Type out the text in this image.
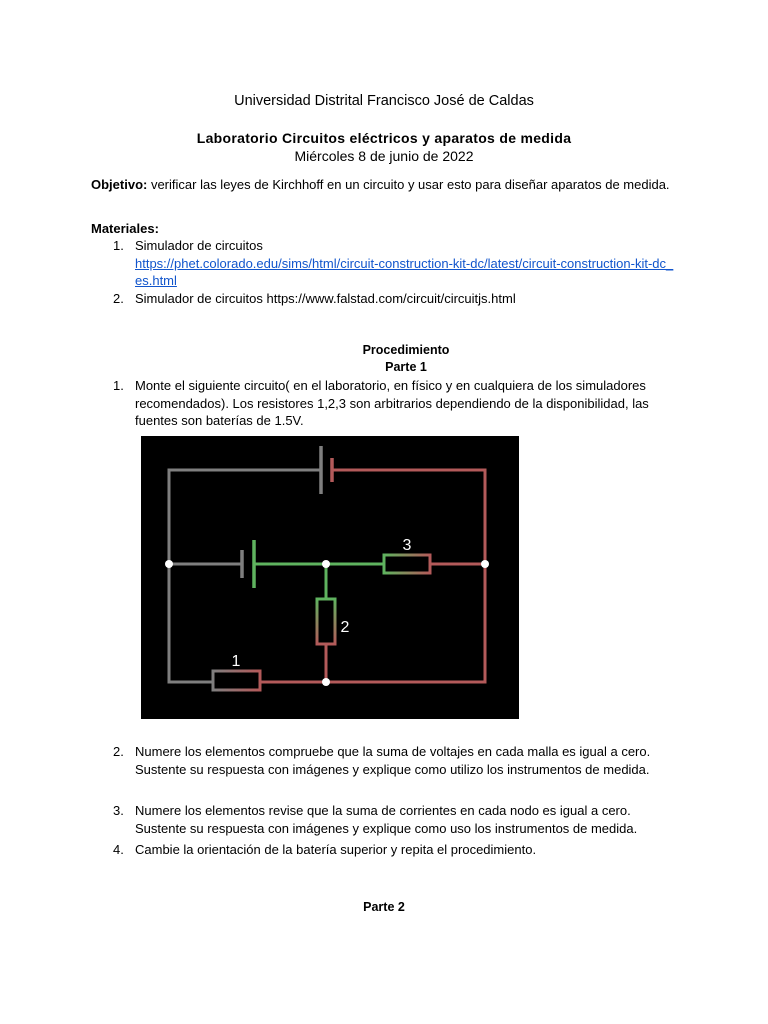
Universidad Distrital Francisco José de Caldas
Laboratorio Circuitos eléctricos y aparatos de medida
Miércoles 8 de junio de 2022
Objetivo: verificar las leyes de Kirchhoff en un circuito y usar esto para diseñar aparatos de medida.
Materiales:
1. Simulador de circuitos
https://phet.colorado.edu/sims/html/circuit-construction-kit-dc/latest/circuit-construction-kit-dc_es.html
2. Simulador de circuitos https://www.falstad.com/circuit/circuitjs.html
Procedimiento
Parte 1
1. Monte el siguiente circuito( en el laboratorio, en físico y en cualquiera de los simuladores recomendados). Los resistores 1,2,3 son arbitrarios dependiendo de la disponibilidad, las fuentes son baterías de 1.5V.
3
2
1
2. Numere los elementos compruebe que la suma de voltajes en cada malla es igual a cero. Sustente su respuesta con imágenes y explique como utilizo los instrumentos de medida.
3. Numere los elementos revise que la suma de corrientes en cada nodo es igual a cero. Sustente su respuesta con imágenes y explique como uso los instrumentos de medida.
4. Cambie la orientación de la batería superior y repita el procedimiento.
Parte 2
